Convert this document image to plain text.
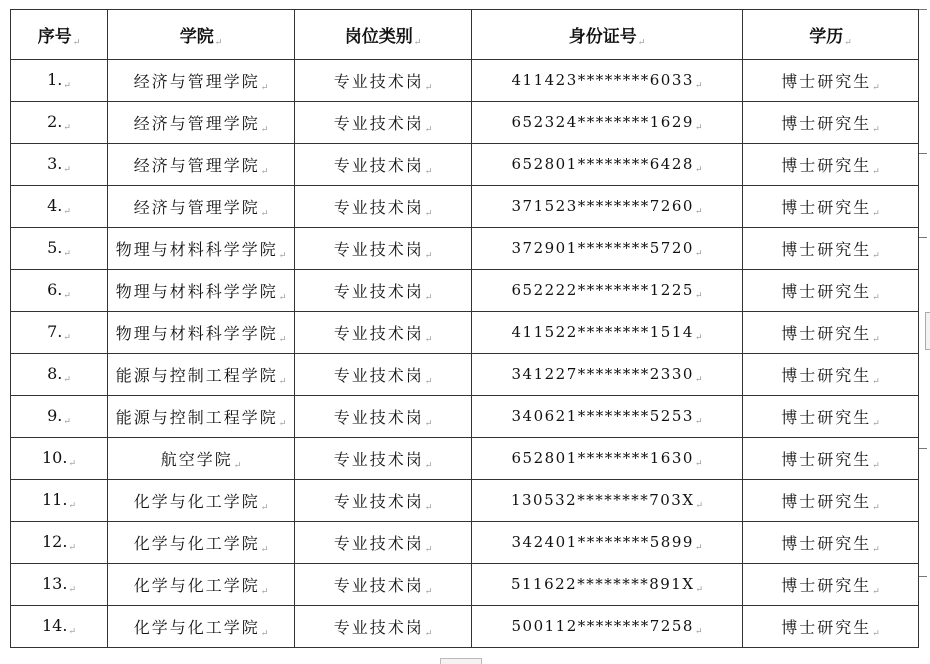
序号↵	学院↵	岗位类别↵	身份证号↵	学历↵
1.↵	经济与管理学院↵	专业技术岗↵	$411423********6033_↵$	博士研究生↵
2.↵	经济与管理学院↵	专业技术岗↵	$652324********1629_↵$	博士研究生↵
3.↵	经济与管理学院↵	专业技术岗↵	$652801********6428_↵$	博士研究生↵
4.↵	经济与管理学院↵	专业技术岗↵	$371523********7260_↵$	博士研究生↵
5.↵	物理与材料科学学院↵	专业技术岗↵	$372901********5720_↵$	博士研究生↵
6.↵	物理与材料科学学院↵	专业技术岗↵	$652222********1225_↵$	博士研究生↵
7.↵	物理与材料科学学院↵	专业技术岗↵	$411522********1514_↵$	博士研究生↵
8.↵	能源与控制工程学院↵	专业技术岗↵	$341227********2330_↵$	博士研究生↵
9.↵	能源与控制工程学院↵	专业技术岗↵	$340621********5253_↵$	博士研究生↵
10.↵	航空学院↵	专业技术岗↵	$652801********1630_↵$	博士研究生↵
11.↵	化学与化工学院↵	专业技术岗↵	$130532********703X_↵$	博士研究生↵
12.↵	化学与化工学院↵	专业技术岗↵	$342401********5899_↵$	博士研究生↵
13.↵	化学与化工学院↵	专业技术岗↵	$511622********891X_↵$	博士研究生↵
14.↵	化学与化工学院↵	专业技术岗↵	$500112********7258_↵$	博士研究生↵
